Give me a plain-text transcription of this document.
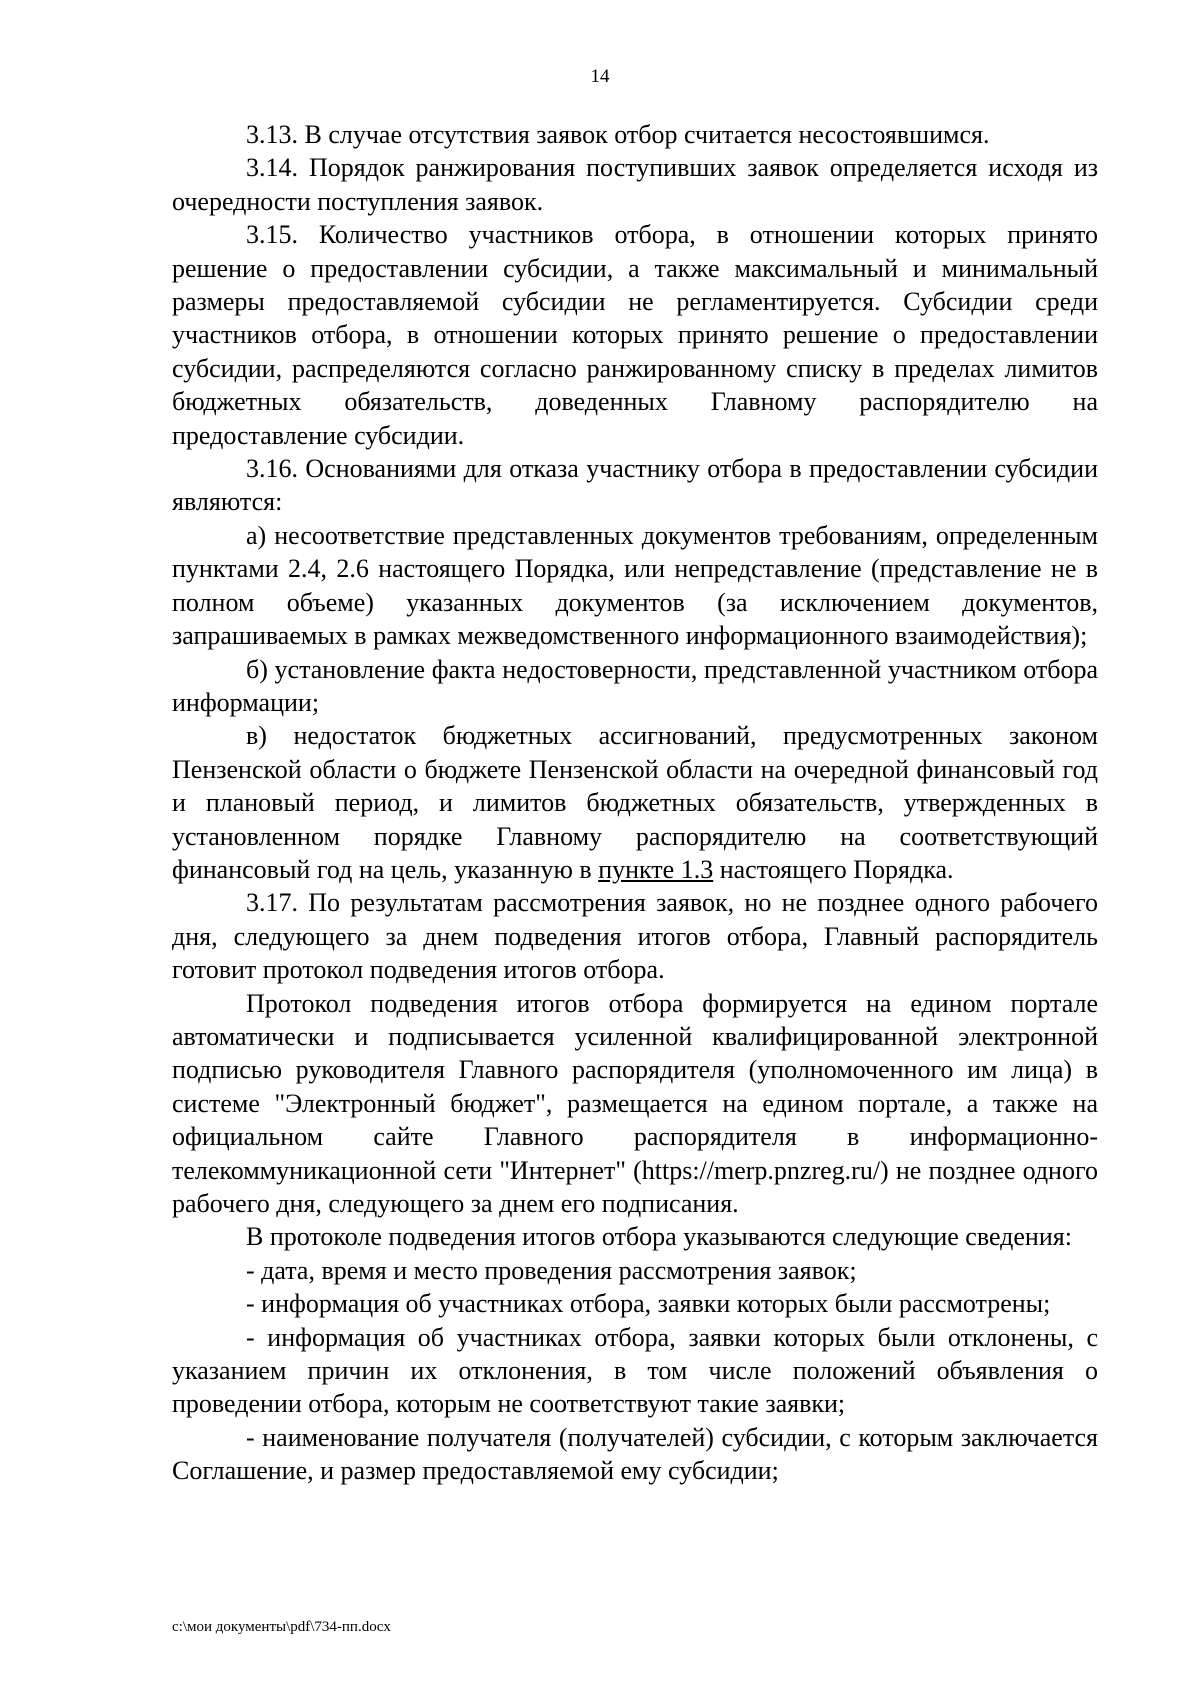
14

3.13. В случае отсутствия заявок отбор считается несостоявшимся.

3.14. Порядок ранжирования поступивших заявок определяется исходя из очередности поступления заявок.

3.15. Количество участников отбора, в отношении которых принято решение о предоставлении субсидии, а также максимальный и минимальный размеры предоставляемой субсидии не регламентируется. Субсидии среди участников отбора, в отношении которых принято решение о предоставлении субсидии, распределяются согласно ранжированному списку в пределах лимитов бюджетных обязательств, доведенных Главному распорядителю на предоставление субсидии.

3.16. Основаниями для отказа участнику отбора в предоставлении субсидии являются:

а) несоответствие представленных документов требованиям, определенным пунктами 2.4, 2.6 настоящего Порядка, или непредставление (представление не в полном объеме) указанных документов (за исключением документов, запрашиваемых в рамках межведомственного информационного взаимодействия);

б) установление факта недостоверности, представленной участником отбора информации;

в) недостаток бюджетных ассигнований, предусмотренных законом Пензенской области о бюджете Пензенской области на очередной финансовый год и плановый период, и лимитов бюджетных обязательств, утвержденных в установленном порядке Главному распорядителю на соответствующий финансовый год на цель, указанную в пункте 1.3 настоящего Порядка.

3.17. По результатам рассмотрения заявок, но не позднее одного рабочего дня, следующего за днем подведения итогов отбора, Главный распорядитель готовит протокол подведения итогов отбора.

Протокол подведения итогов отбора формируется на едином портале автоматически и подписывается усиленной квалифицированной электронной подписью руководителя Главного распорядителя (уполномоченного им лица) в системе "Электронный бюджет", размещается на едином портале, а также на официальном сайте Главного распорядителя в информационно-телекоммуникационной сети "Интернет" (https://merp.pnzreg.ru/) не позднее одного рабочего дня, следующего за днем его подписания.

В протоколе подведения итогов отбора указываются следующие сведения:

- дата, время и место проведения рассмотрения заявок;

- информация об участниках отбора, заявки которых были рассмотрены;

- информация об участниках отбора, заявки которых были отклонены, с указанием причин их отклонения, в том числе положений объявления о проведении отбора, которым не соответствуют такие заявки;

- наименование получателя (получателей) субсидии, с которым заключается Соглашение, и размер предоставляемой ему субсидии;

c:\мои документы\pdf\734-пп.docx
